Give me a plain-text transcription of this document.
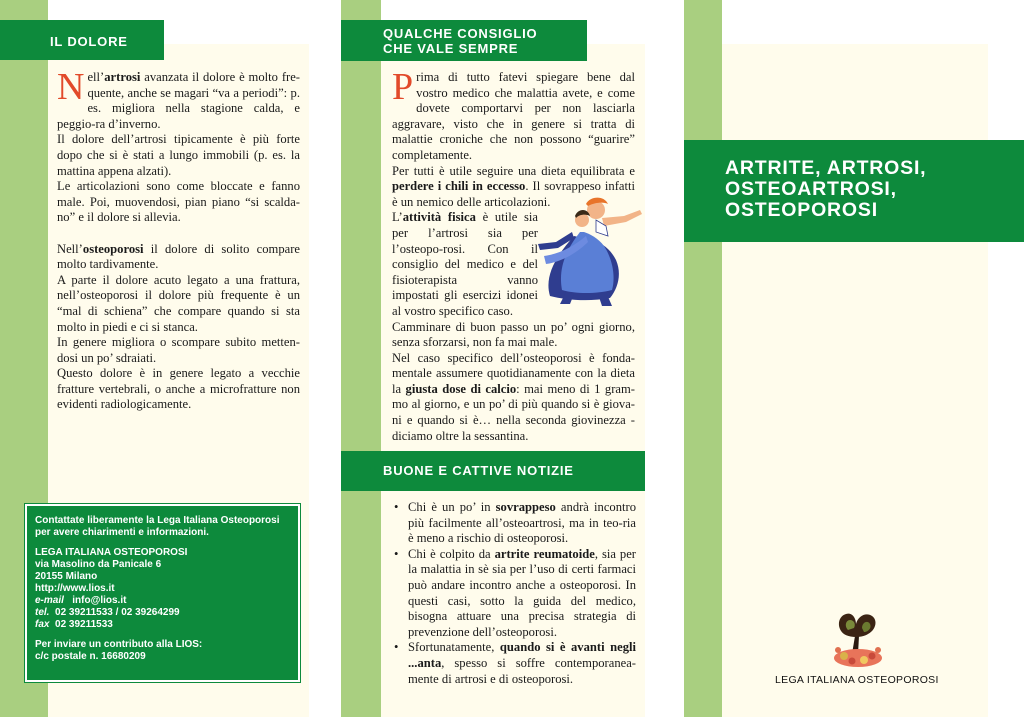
IL DOLORE

Nell’artrosi avanzata il dolore è molto fre-quente, anche se magari “va a periodi”: p. es. migliora nella stagione calda, e peggio-ra d’inverno.

Il dolore dell’artrosi tipicamente è più forte dopo che si è stati a lungo immobili (p. es. la mattina appena alzati).

Le articolazioni sono come bloccate e fanno male. Poi, muovendosi, pian piano “si scalda-no” e il dolore si allevia.

Nell’osteoporosi il dolore di solito compare molto tardivamente.

A parte il dolore acuto legato a una frattura, nell’osteoporosi il dolore più frequente è un “mal di schiena” che compare quando si sta molto in piedi e ci si stanca.

In genere migliora o scompare subito metten-dosi un po’ sdraiati.

Questo dolore è in genere legato a vecchie fratture vertebrali, o anche a microfratture non evidenti radiologicamente.

Contattate liberamente la Lega Italiana Osteoporosi
per avere chiarimenti e informazioni.
LEGA ITALIANA OSTEOPOROSI
via Masolino da Panicale 6
20155 Milano
http://www.lios.it
e-mail info@lios.it
tel. 02 39211533 / 02 39264299
fax 02 39211533
Per inviare un contributo alla LIOS:
c/c postale n. 16680209
QUALCHE CONSIGLIO
CHE VALE SEMPRE

Prima di tutto fatevi spiegare bene dal vostro medico che malattia avete, e come dovete comportarvi per non lasciarla aggravare, visto che in genere si tratta di malattie croniche che non possono “guarire” completamente.

Per tutti è utile seguire una dieta equilibrata e perdere i chili in eccesso. Il sovrappeso infatti è un nemico delle articolazioni.

L’attività fisica è utile sia per l’artrosi sia per l’osteopo-rosi. Con il consiglio del medico e del fisioterapista vanno impostati gli esercizi idonei al vostro specifico caso.

Camminare di buon passo un po’ ogni giorno, senza sforzarsi, non fa mai male.

Nel caso specifico dell’osteoporosi è fonda-mentale assumere quotidianamente con la dieta la giusta dose di calcio: mai meno di 1 gram-mo al giorno, e un po’ di più quando si è giova-ni e quando si è… nella seconda giovinezza - diciamo oltre la sessantina.

BUONE E CATTIVE NOTIZIE
• Chi è un po’ in sovrappeso andrà incontro più facilmente all’osteoartrosi, ma in teo-ria è meno a rischio di osteoporosi.
• Chi è colpito da artrite reumatoide, sia per la malattia in sè sia per l’uso di certi farmaci può andare incontro anche a osteoporosi. In questi casi, sotto la guida del medico, bisogna attuare una precisa strategia di prevenzione dell’osteoporosi.
• Sfortunatamente, quando si è avanti negli ...anta, spesso si soffre contemporanea-mente di artrosi e di osteoporosi.
ARTRITE, ARTROSI,
OSTEOARTROSI,
OSTEOPOROSI
LEGA ITALIANA OSTEOPOROSI
